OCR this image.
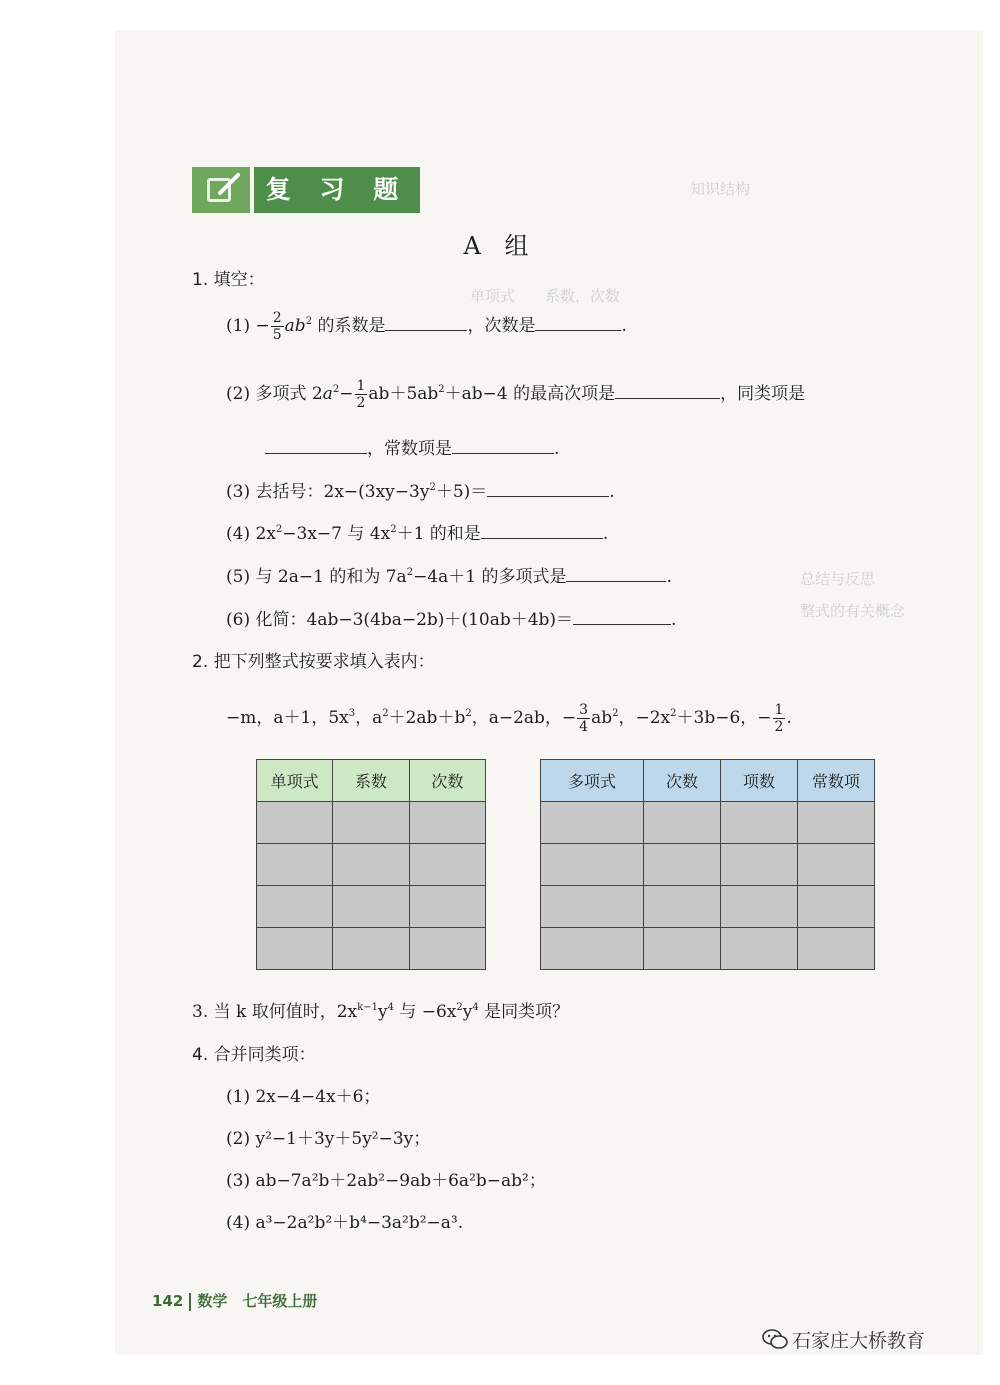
知识结构
单项式 系数，次数
总结与反思
整式的有关概念
复 习 题
A 组
1. 填空：
$(1) - \frac{2}{5} ab^2$ 的系数是	，次数是	.
(2) 多项式 $2a^2- \frac{1}{2} ab+5ab^2+ab-4$ 的最高次项是	，同类项是
，常数项是	.
(3) 去括号：$2x-(3xy-3y^2+5)=$	.
(4) $2x^2-3x-7$ 与 $4x^2+1$ 的和是	.
(5) 与 2a−1 的和为 $7a^2-4a+1$ 的多项式是	.
(6) 化简：4ab−3(4ba−2b)＋(10ab＋4b)＝	.
2. 把下列整式按要求填入表内：
−m，a＋1，$5x^3$，$a^2+2ab+b^2$，a−2ab，− $\frac{3}{4} ab^2$，$-2x^2+3b-6$，− $\frac{1}{2}$ .
单项式	系数	次数

			多项式	次数	项数	常数项

3. 当 k 取何值时，$2x^{k-1}y^4$ 与 $-6x^2y^4$ 是同类项？
4. 合并同类项：
(1) 2x−4−4x＋6；
(2) y²−1＋3y＋5y²−3y；
(3) ab−7a²b＋2ab²−9ab＋6a²b−ab²；
(4) a³−2a²b²＋b⁴−3a²b²−a³.
142 数学　七年级上册
石家庄大桥教育
